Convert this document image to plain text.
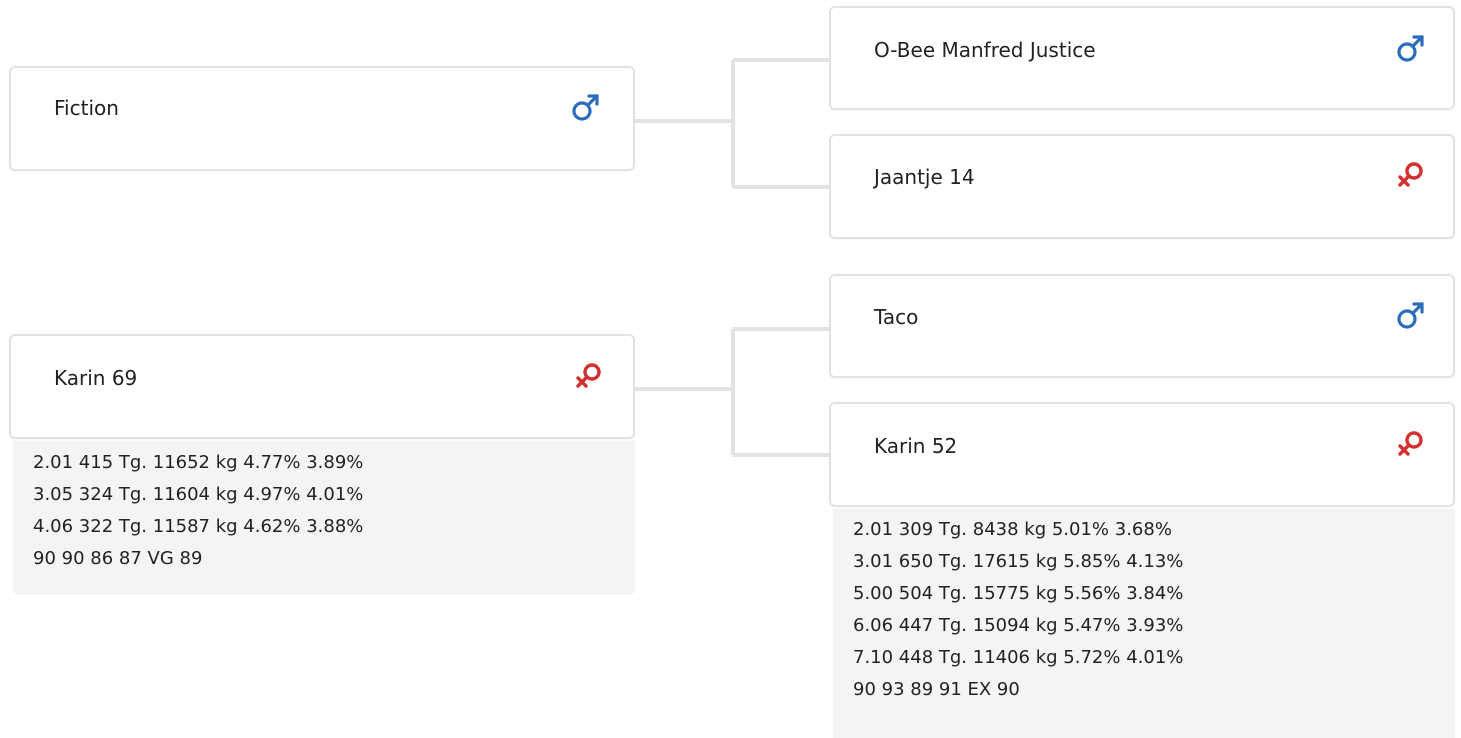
Fiction
O-Bee Manfred Justice
Jaantje 14
Karin 69
2.01 415 Tg. 11652 kg 4.77% 3.89%
3.05 324 Tg. 11604 kg 4.97% 4.01%
4.06 322 Tg. 11587 kg 4.62% 3.88%
90 90 86 87 VG 89
Taco
Karin 52
2.01 309 Tg. 8438 kg 5.01% 3.68%
3.01 650 Tg. 17615 kg 5.85% 4.13%
5.00 504 Tg. 15775 kg 5.56% 3.84%
6.06 447 Tg. 15094 kg 5.47% 3.93%
7.10 448 Tg. 11406 kg 5.72% 4.01%
90 93 89 91 EX 90
